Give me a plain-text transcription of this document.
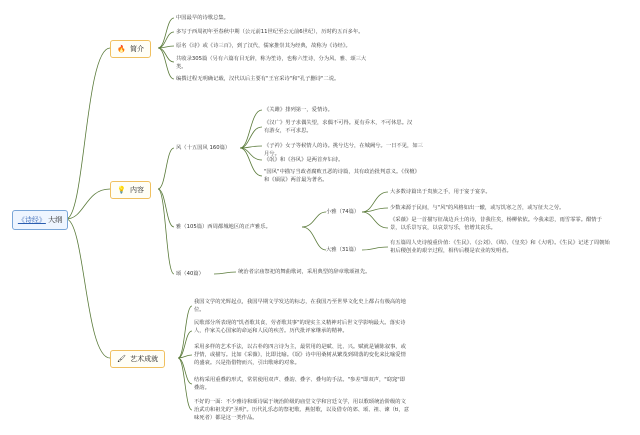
《诗经》 大纲
🔥 简介
💡 内容
🖌 艺术成就
中国最早的诗歌总集。
多写于西周初年至春秋中期（公元前11世纪至公元前6世纪），历时约五百多年。
原名《诗》或《诗三百》，到了汉代，儒家推崇其为经典，故称为《诗经》。
共收录305篇（另有六篇有目无辞，称为笙诗，也称六笙诗，分为风、雅、颂三大类。
编撰过程无明确记载，汉代以后主要有"王官采诗"和"孔子删诗"二说。
风（十五国风 160篇）
《关雎》排列第一，爱情诗。
《汉广》男子求偶失望，求偶不可得。夏有乔木，不可休思。汉有游女，不可求思。
《子衿》女子等候情人的诗。挑兮达兮，在城阙兮。一日不见，如三月兮。
《氓》和《谷风》是两首弃妇诗。
"国风"中描写当政者腐败丑恶的诗篇，其有政治批判意义。《伐檀》和《硕鼠》两首最为著名。
雅（105篇）西周都城地区的正声雅乐。
小雅（74篇）
大多数诗篇出于贵族之手，用于宴于宴享。
少数来源于民间，与"风"的风格如出一辙，或写饥寒之苦，或写征夫之劳。
《采薇》是一首描写征战边兵士的诗，昔我往矣，杨柳依依。今我来思，雨雪霏霏。酣情于景，以乐景写哀，以哀景写乐，倍增其哀乐。
大雅（31篇）
有五篇周人史诗般重价值：《生民》、《公刘》、《绵》、《皇矣》和《大明》。《生民》记述了周朝始祖后稷创业的艰辛过程，相传后稷是农业的发明者。
颂（40篇）	统治者宗庙祭祀的舞曲歌词，采用典型的辞章歌颂祖先。
我国文学的光辉起点，我国早期文学发达的标志，在我国乃至世界文化史上都占有极高的地位。
民歌部分所表现的"饥者歌其食，劳者歌其事"的现实主义精神对后世文学影响最大。落实诗人，作家关心国家的命运和人民的疾苦。历代批评家继承的精神。
采用多样的艺术手法，以古朴的四言诗为主，最常用的是赋、比、兴。赋就是铺陈叙事，或抒情，或描写。比如《采薇》，比即比喻。《氓》诗中用桑树从繁茂到凋落的变化来比喻爱情的盛衰。兴是指借物而兴，引出歌咏的对象。
结构采用重叠的形式，常常使用双声、叠韵、叠字、叠句的手法。"参差"即双声，"窈窕"即叠韵。
不好的一面：不少雅诗和颂诗属于统治阶级的庙堂文学和宫廷文学，用以歌颂统治阶级的文治武功和祖先的"圣明"。历代礼乐态的祭祀歌、燕射歌，以及借专的郊、颂、祖、谏（ti，意味死者）都是这一类作品。
